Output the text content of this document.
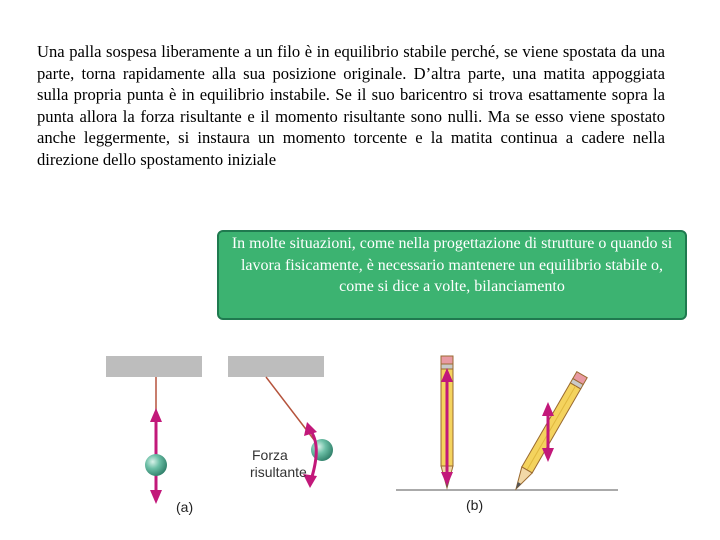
Una palla sospesa liberamente a un filo è in equilibrio stabile perché, se viene spostata da una parte, torna rapidamente alla sua posizione originale. D’altra parte, una matita appoggiata sulla propria punta è in equilibrio instabile. Se il suo baricentro si trova esattamente sopra la punta allora la forza risultante e il momento risultante sono nulli. Ma se esso viene spostato anche leggermente, si instaura un momento torcente e la matita continua a cadere nella direzione dello spostamento iniziale

In molte situazioni, come nella progettazione di strutture o quando si lavora fisicamente, è necessario mantenere un equilibrio stabile o, come si dice a volte, bilanciamento
Forza
risultante
(a)	(b)
